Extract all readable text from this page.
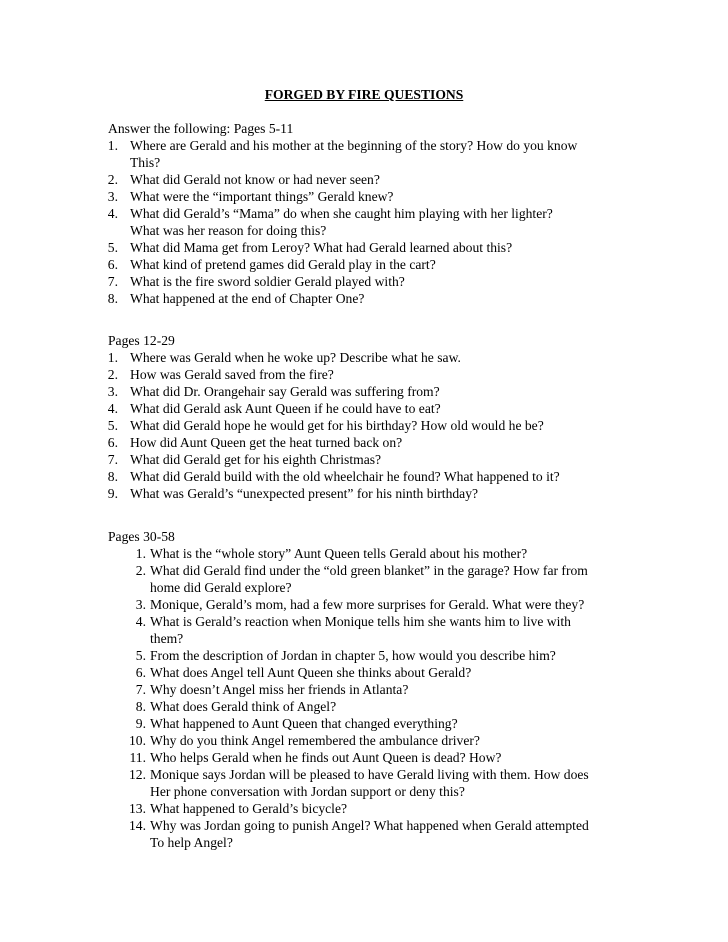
FORGED BY FIRE QUESTIONS
Answer the following: Pages 5-11
1. Where are Gerald and his mother at the beginning of the story? How do you know
This?
2. What did Gerald not know or had never seen?
3. What were the “important things” Gerald knew?
4. What did Gerald’s “Mama” do when she caught him playing with her lighter?
What was her reason for doing this?
5. What did Mama get from Leroy? What had Gerald learned about this?
6. What kind of pretend games did Gerald play in the cart?
7. What is the fire sword soldier Gerald played with?
8. What happened at the end of Chapter One?
Pages 12-29
1. Where was Gerald when he woke up? Describe what he saw.
2. How was Gerald saved from the fire?
3. What did Dr. Orangehair say Gerald was suffering from?
4. What did Gerald ask Aunt Queen if he could have to eat?
5. What did Gerald hope he would get for his birthday? How old would he be?
6. How did Aunt Queen get the heat turned back on?
7. What did Gerald get for his eighth Christmas?
8. What did Gerald build with the old wheelchair he found? What happened to it?
9. What was Gerald’s “unexpected present” for his ninth birthday?
Pages 30-58
1. What is the “whole story” Aunt Queen tells Gerald about his mother?
2. What did Gerald find under the “old green blanket” in the garage? How far from
home did Gerald explore?
3. Monique, Gerald’s mom, had a few more surprises for Gerald. What were they?
4. What is Gerald’s reaction when Monique tells him she wants him to live with
them?
5. From the description of Jordan in chapter 5, how would you describe him?
6. What does Angel tell Aunt Queen she thinks about Gerald?
7. Why doesn’t Angel miss her friends in Atlanta?
8. What does Gerald think of Angel?
9. What happened to Aunt Queen that changed everything?
10. Why do you think Angel remembered the ambulance driver?
11. Who helps Gerald when he finds out Aunt Queen is dead? How?
12. Monique says Jordan will be pleased to have Gerald living with them. How does
Her phone conversation with Jordan support or deny this?
13. What happened to Gerald’s bicycle?
14. Why was Jordan going to punish Angel? What happened when Gerald attempted
To help Angel?
